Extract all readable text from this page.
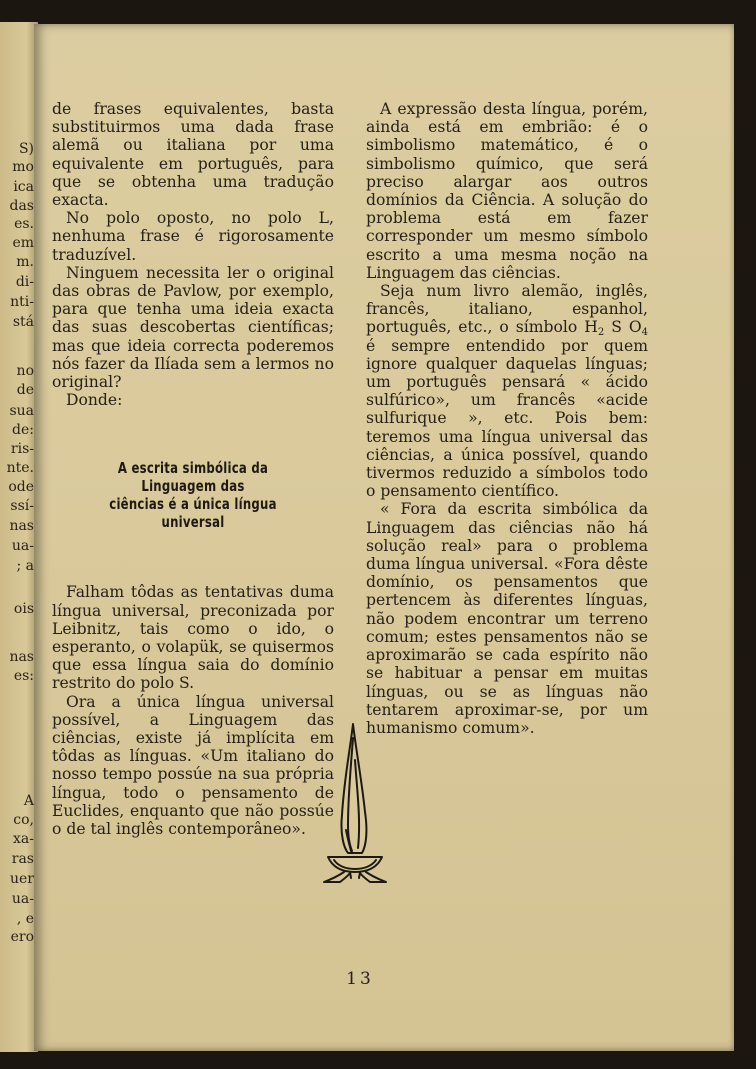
S)
mo
ica
das
es.
em
m.
di-
nti-
stá
no
de
sua
de:
ris-
nte.
ode
ssí-
nas
ua-
; a
ois
nas
es:
A
co,
xa-
ras
uer
ua-
, e
ero

de frases equivalentes, basta substituirmos uma dada frase alemã ou italiana por uma equivalente em português, para que se obtenha uma tradução exacta.

No polo oposto, no polo L, nenhuma frase é rigorosamente traduzível.

Ninguem necessita ler o original das obras de Pavlow, por exemplo, para que tenha uma ideia exacta das suas descobertas científicas; mas que ideia correcta poderemos nós fazer da Ilíada sem a lermos no original?

Donde:

A escrita simbólica da Linguagem das
ciências é a única língua universal

Falham tôdas as tentativas duma língua universal, preconizada por Leibnitz, tais como o ido, o esperanto, o volapük, se quisermos que essa língua saia do domínio restrito do polo S.

Ora a única língua universal possível, a Linguagem das ciências, existe já implícita em tôdas as línguas. «Um italiano do nosso tempo possúe na sua própria língua, todo o pensamento de Euclides, enquanto que não possúe o de tal inglês contemporâneo».

A expressão desta língua, porém, ainda está em embrião: é o simbolismo matemático, é o simbolismo químico, que será preciso alargar aos outros domínios da Ciência. A solução do problema está em fazer corresponder um mesmo símbolo escrito a uma mesma noção na Linguagem das ciências.

Seja num livro alemão, inglês, francês, italiano, espanhol, português, etc., o símbolo $H_2$ S $O_4$ é sempre entendido por quem ignore qualquer daquelas línguas; um português pensará « ácido sulfúrico», um francês «acide sulfurique », etc. Pois bem: teremos uma língua universal das ciências, a única possível, quando tivermos reduzido a símbolos todo o pensamento científico.

« Fora da escrita simbólica da Linguagem das ciências não há solução real» para o problema duma língua universal. «Fora dêste domínio, os pensamentos que pertencem às diferentes línguas, não podem encontrar um terreno comum; estes pensamentos não se aproximarão se cada espírito não se habituar a pensar em muitas línguas, ou se as línguas não tentarem aproximar-se, por um humanismo comum».

13
